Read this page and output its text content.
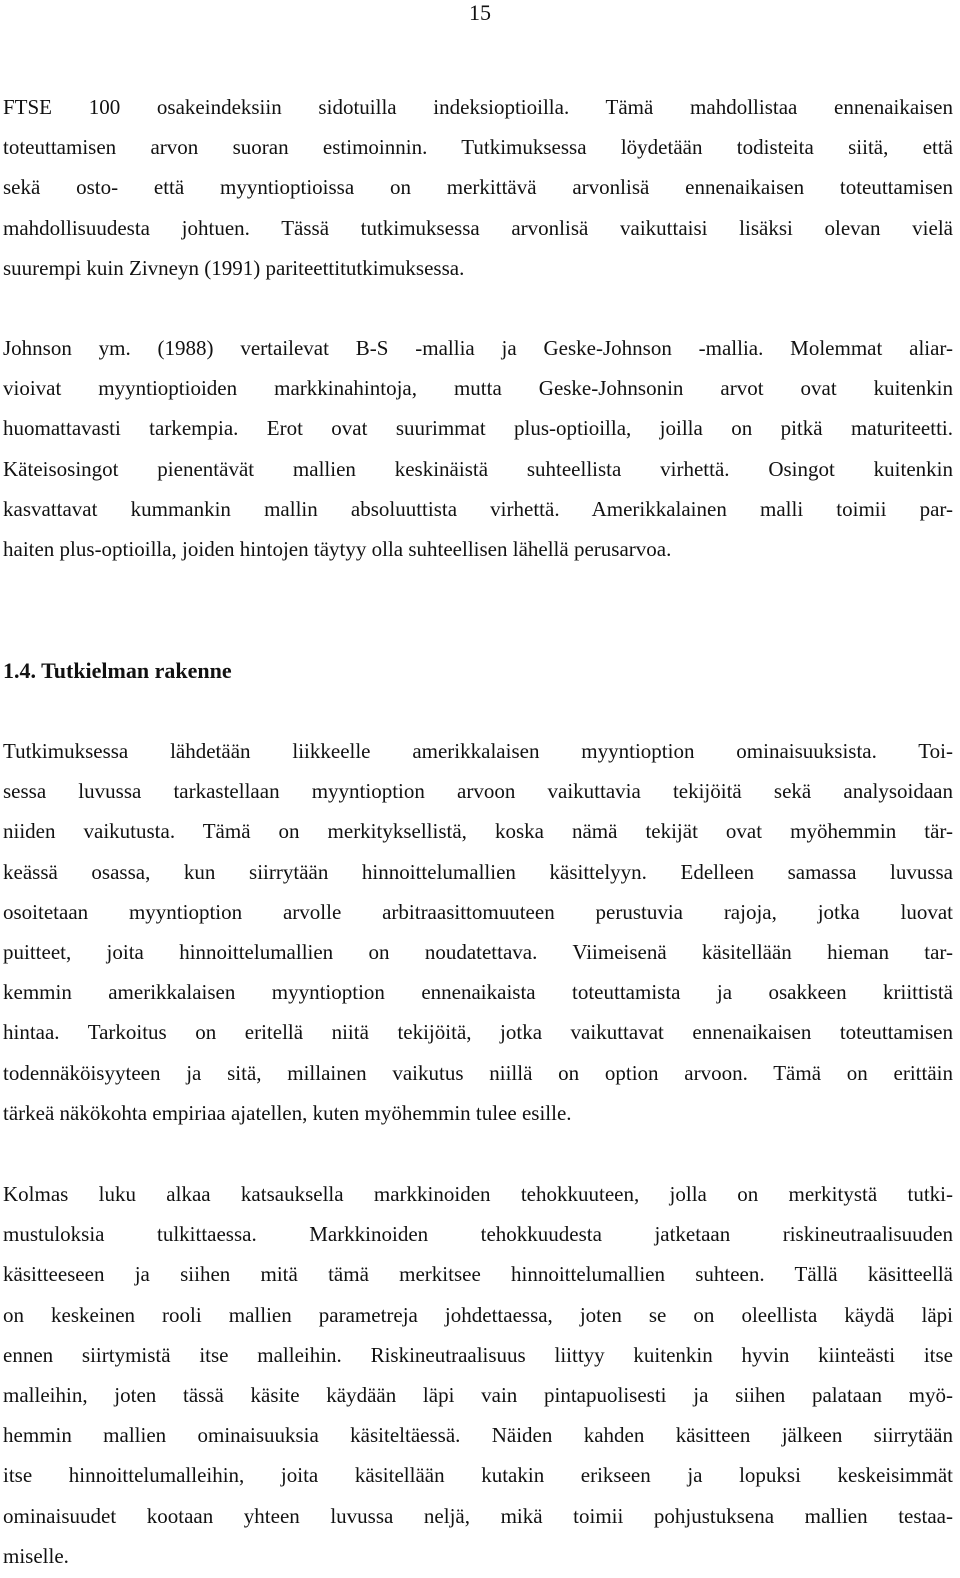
15
FTSE 100 osakeindeksiin sidotuilla indeksioptioilla. Tämä mahdollistaa ennenaikaisen
toteuttamisen arvon suoran estimoinnin. Tutkimuksessa löydetään todisteita siitä, että
sekä osto- että myyntioptioissa on merkittävä arvonlisä ennenaikaisen toteuttamisen
mahdollisuudesta johtuen. Tässä tutkimuksessa arvonlisä vaikuttaisi lisäksi olevan vielä
suurempi kuin Zivneyn (1991) pariteettitutkimuksessa.
Johnson ym. (1988) vertailevat B-S -mallia ja Geske-Johnson -mallia. Molemmat aliar-
vioivat myyntioptioiden markkinahintoja, mutta Geske-Johnsonin arvot ovat kuitenkin
huomattavasti tarkempia. Erot ovat suurimmat plus-optioilla, joilla on pitkä maturiteetti.
Käteisosingot pienentävät mallien keskinäistä suhteellista virhettä. Osingot kuitenkin
kasvattavat kummankin mallin absoluuttista virhettä. Amerikkalainen malli toimii par-
haiten plus-optioilla, joiden hintojen täytyy olla suhteellisen lähellä perusarvoa.
1.4. Tutkielman rakenne
Tutkimuksessa lähdetään liikkeelle amerikkalaisen myyntioption ominaisuuksista. Toi-
sessa luvussa tarkastellaan myyntioption arvoon vaikuttavia tekijöitä sekä analysoidaan
niiden vaikutusta. Tämä on merkityksellistä, koska nämä tekijät ovat myöhemmin tär-
keässä osassa, kun siirrytään hinnoittelumallien käsittelyyn. Edelleen samassa luvussa
osoitetaan myyntioption arvolle arbitraasittomuuteen perustuvia rajoja, jotka luovat
puitteet, joita hinnoittelumallien on noudatettava. Viimeisenä käsitellään hieman tar-
kemmin amerikkalaisen myyntioption ennenaikaista toteuttamista ja osakkeen kriittistä
hintaa. Tarkoitus on eritellä niitä tekijöitä, jotka vaikuttavat ennenaikaisen toteuttamisen
todennäköisyyteen ja sitä, millainen vaikutus niillä on option arvoon. Tämä on erittäin
tärkeä näkökohta empiriaa ajatellen, kuten myöhemmin tulee esille.
Kolmas luku alkaa katsauksella markkinoiden tehokkuuteen, jolla on merkitystä tutki-
mustuloksia tulkittaessa. Markkinoiden tehokkuudesta jatketaan riskineutraalisuuden
käsitteeseen ja siihen mitä tämä merkitsee hinnoittelumallien suhteen. Tällä käsitteellä
on keskeinen rooli mallien parametreja johdettaessa, joten se on oleellista käydä läpi
ennen siirtymistä itse malleihin. Riskineutraalisuus liittyy kuitenkin hyvin kiinteästi itse
malleihin, joten tässä käsite käydään läpi vain pintapuolisesti ja siihen palataan myö-
hemmin mallien ominaisuuksia käsiteltäessä. Näiden kahden käsitteen jälkeen siirrytään
itse hinnoittelumalleihin, joita käsitellään kutakin erikseen ja lopuksi keskeisimmät
ominaisuudet kootaan yhteen luvussa neljä, mikä toimii pohjustuksena mallien testaa-
miselle.
